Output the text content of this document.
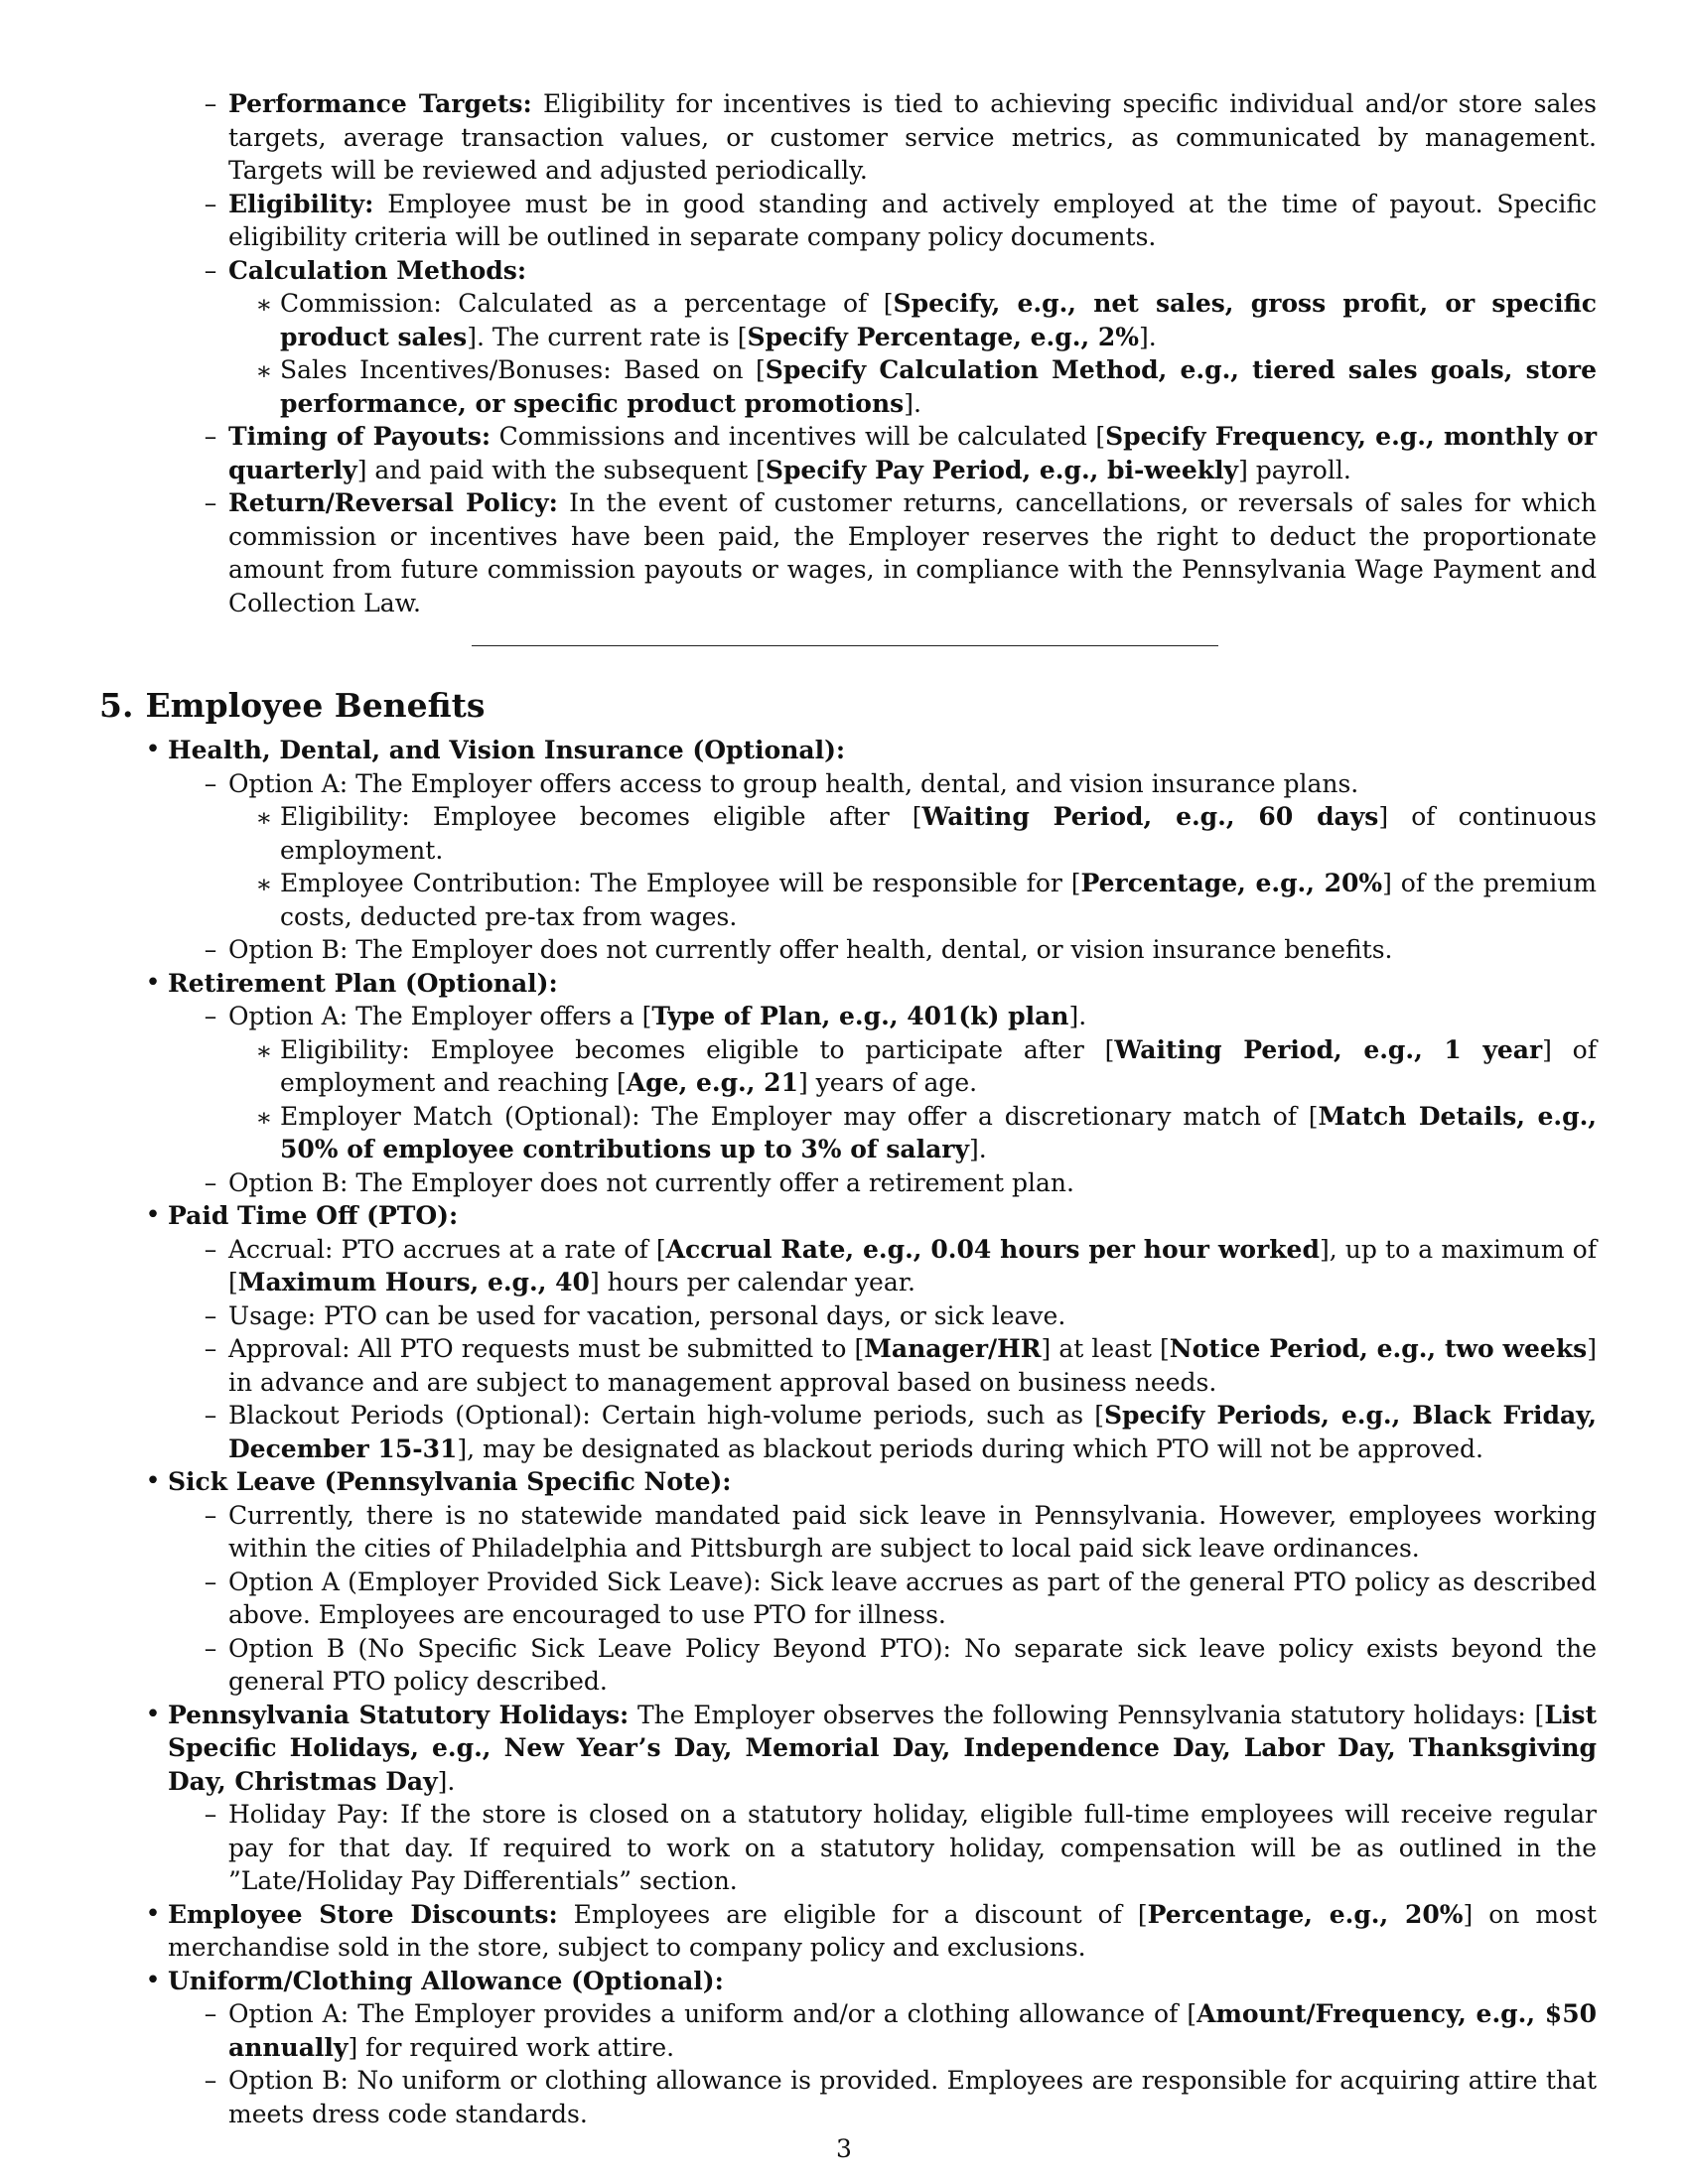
– Performance Targets: Eligibility for incentives is tied to achieving specific individual and/or store sales targets, average transaction values, or customer service metrics, as communicated by management. Targets will be reviewed and adjusted periodically.
– Eligibility: Employee must be in good standing and actively employed at the time of payout. Specific eligibility criteria will be outlined in separate company policy documents.
– Calculation Methods:
∗ Commission: Calculated as a percentage of [Specify, e.g., net sales, gross profit, or specific product sales]. The current rate is [Specify Percentage, e.g., 2%].
∗ Sales Incentives/Bonuses: Based on [Specify Calculation Method, e.g., tiered sales goals, store performance, or specific product promotions].
– Timing of Payouts: Commissions and incentives will be calculated [Specify Frequency, e.g., monthly or quarterly] and paid with the subsequent [Specify Pay Period, e.g., bi-weekly] payroll.
– Return/Reversal Policy: In the event of customer returns, cancellations, or reversals of sales for which commission or incentives have been paid, the Employer reserves the right to deduct the proportionate amount from future commission payouts or wages, in compliance with the Pennsylvania Wage Payment and Collection Law.
5. Employee Benefits
• Health, Dental, and Vision Insurance (Optional):
– Option A: The Employer offers access to group health, dental, and vision insurance plans.
∗ Eligibility: Employee becomes eligible after [Waiting Period, e.g., 60 days] of continuous employment.
∗ Employee Contribution: The Employee will be responsible for [Percentage, e.g., 20%] of the premium costs, deducted pre-tax from wages.
– Option B: The Employer does not currently offer health, dental, or vision insurance benefits.
• Retirement Plan (Optional):
– Option A: The Employer offers a [Type of Plan, e.g., 401(k) plan].
∗ Eligibility: Employee becomes eligible to participate after [Waiting Period, e.g., 1 year] of employment and reaching [Age, e.g., 21] years of age.
∗ Employer Match (Optional): The Employer may offer a discretionary match of [Match Details, e.g., 50% of employee contributions up to 3% of salary].
– Option B: The Employer does not currently offer a retirement plan.
• Paid Time Off (PTO):
– Accrual: PTO accrues at a rate of [Accrual Rate, e.g., 0.04 hours per hour worked], up to a maximum of [Maximum Hours, e.g., 40] hours per calendar year.
– Usage: PTO can be used for vacation, personal days, or sick leave.
– Approval: All PTO requests must be submitted to [Manager/HR] at least [Notice Period, e.g., two weeks] in advance and are subject to management approval based on business needs.
– Blackout Periods (Optional): Certain high-volume periods, such as [Specify Periods, e.g., Black Friday, December 15-31], may be designated as blackout periods during which PTO will not be approved.
• Sick Leave (Pennsylvania Specific Note):
– Currently, there is no statewide mandated paid sick leave in Pennsylvania. However, employees working within the cities of Philadelphia and Pittsburgh are subject to local paid sick leave ordinances.
– Option A (Employer Provided Sick Leave): Sick leave accrues as part of the general PTO policy as described above. Employees are encouraged to use PTO for illness.
– Option B (No Specific Sick Leave Policy Beyond PTO): No separate sick leave policy exists beyond the general PTO policy described.
• Pennsylvania Statutory Holidays: The Employer observes the following Pennsylvania statutory holidays: [List Specific Holidays, e.g., New Year’s Day, Memorial Day, Independence Day, Labor Day, Thanksgiving Day, Christmas Day].
– Holiday Pay: If the store is closed on a statutory holiday, eligible full-time employees will receive regular pay for that day. If required to work on a statutory holiday, compensation will be as outlined in the ”Late/Holiday Pay Differentials” section.
• Employee Store Discounts: Employees are eligible for a discount of [Percentage, e.g., 20%] on most merchandise sold in the store, subject to company policy and exclusions.
• Uniform/Clothing Allowance (Optional):
– Option A: The Employer provides a uniform and/or a clothing allowance of [Amount/Frequency, e.g., $50 annually] for required work attire.
– Option B: No uniform or clothing allowance is provided. Employees are responsible for acquiring attire that meets dress code standards.
3
